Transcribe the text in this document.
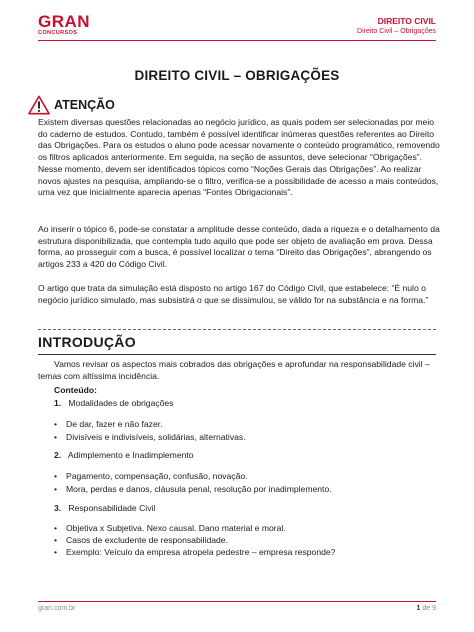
GRAN
CONCURSOS
DIREITO CIVIL
Direito Civil – Obrigações
DIREITO CIVIL – OBRIGAÇÕES
ATENÇÃO
Existem diversas questões relacionadas ao negócio jurídico, as quais podem ser selecionadas por meio do caderno de estudos. Contudo, também é possível identificar inúmeras questões referentes ao Direito das Obrigações. Para os estudos o aluno pode acessar novamente o conteúdo programático, removendo os filtros aplicados anteriormente. Em seguida, na seção de assuntos, deve selecionar “Obrigações”. Nesse momento, devem ser identificados tópicos como “Noções Gerais das Obrigações”. Ao realizar novos ajustes na pesquisa, ampliando-se o filtro, verifica-se a possibilidade de acesso a mais conteúdos, uma vez que inicialmente aparecia apenas “Fontes Obrigacionais”.
Ao inserir o tópico 6, pode-se constatar a amplitude desse conteúdo, dada a riqueza e o detalhamento da estrutura disponibilizada, que contempla tudo aquilo que pode ser objeto de avaliação em prova. Dessa forma, ao prosseguir com a busca, é possível localizar o tema “Direito das Obrigações”, abrangendo os artigos 233 a 420 do Código Civil.
O artigo que trata da simulação está disposto no artigo 167 do Código Civil, que estabelece: “É nulo o negócio jurídico simulado, mas subsistirá o que se dissimulou, se válido for na substância e na forma.”
INTRODUÇÃO
Vamos revisar os aspectos mais cobrados das obrigações e aprofundar na responsabilidade civil – temas com altíssima incidência.
Conteúdo:
1. Modalidades de obrigações
• De dar, fazer e não fazer.
• Divisíveis e indivisíveis, solidárias, alternativas.
2. Adimplemento e Inadimplemento
• Pagamento, compensação, confusão, novação.
• Mora, perdas e danos, cláusula penal, resolução por inadimplemento.
3. Responsabilidade Civil
• Objetiva x Subjetiva. Nexo causal. Dano material e moral.
• Casos de excludente de responsabilidade.
• Exemplo: Veículo da empresa atropela pedestre – empresa responde?
gran.com.br	1 de 9
